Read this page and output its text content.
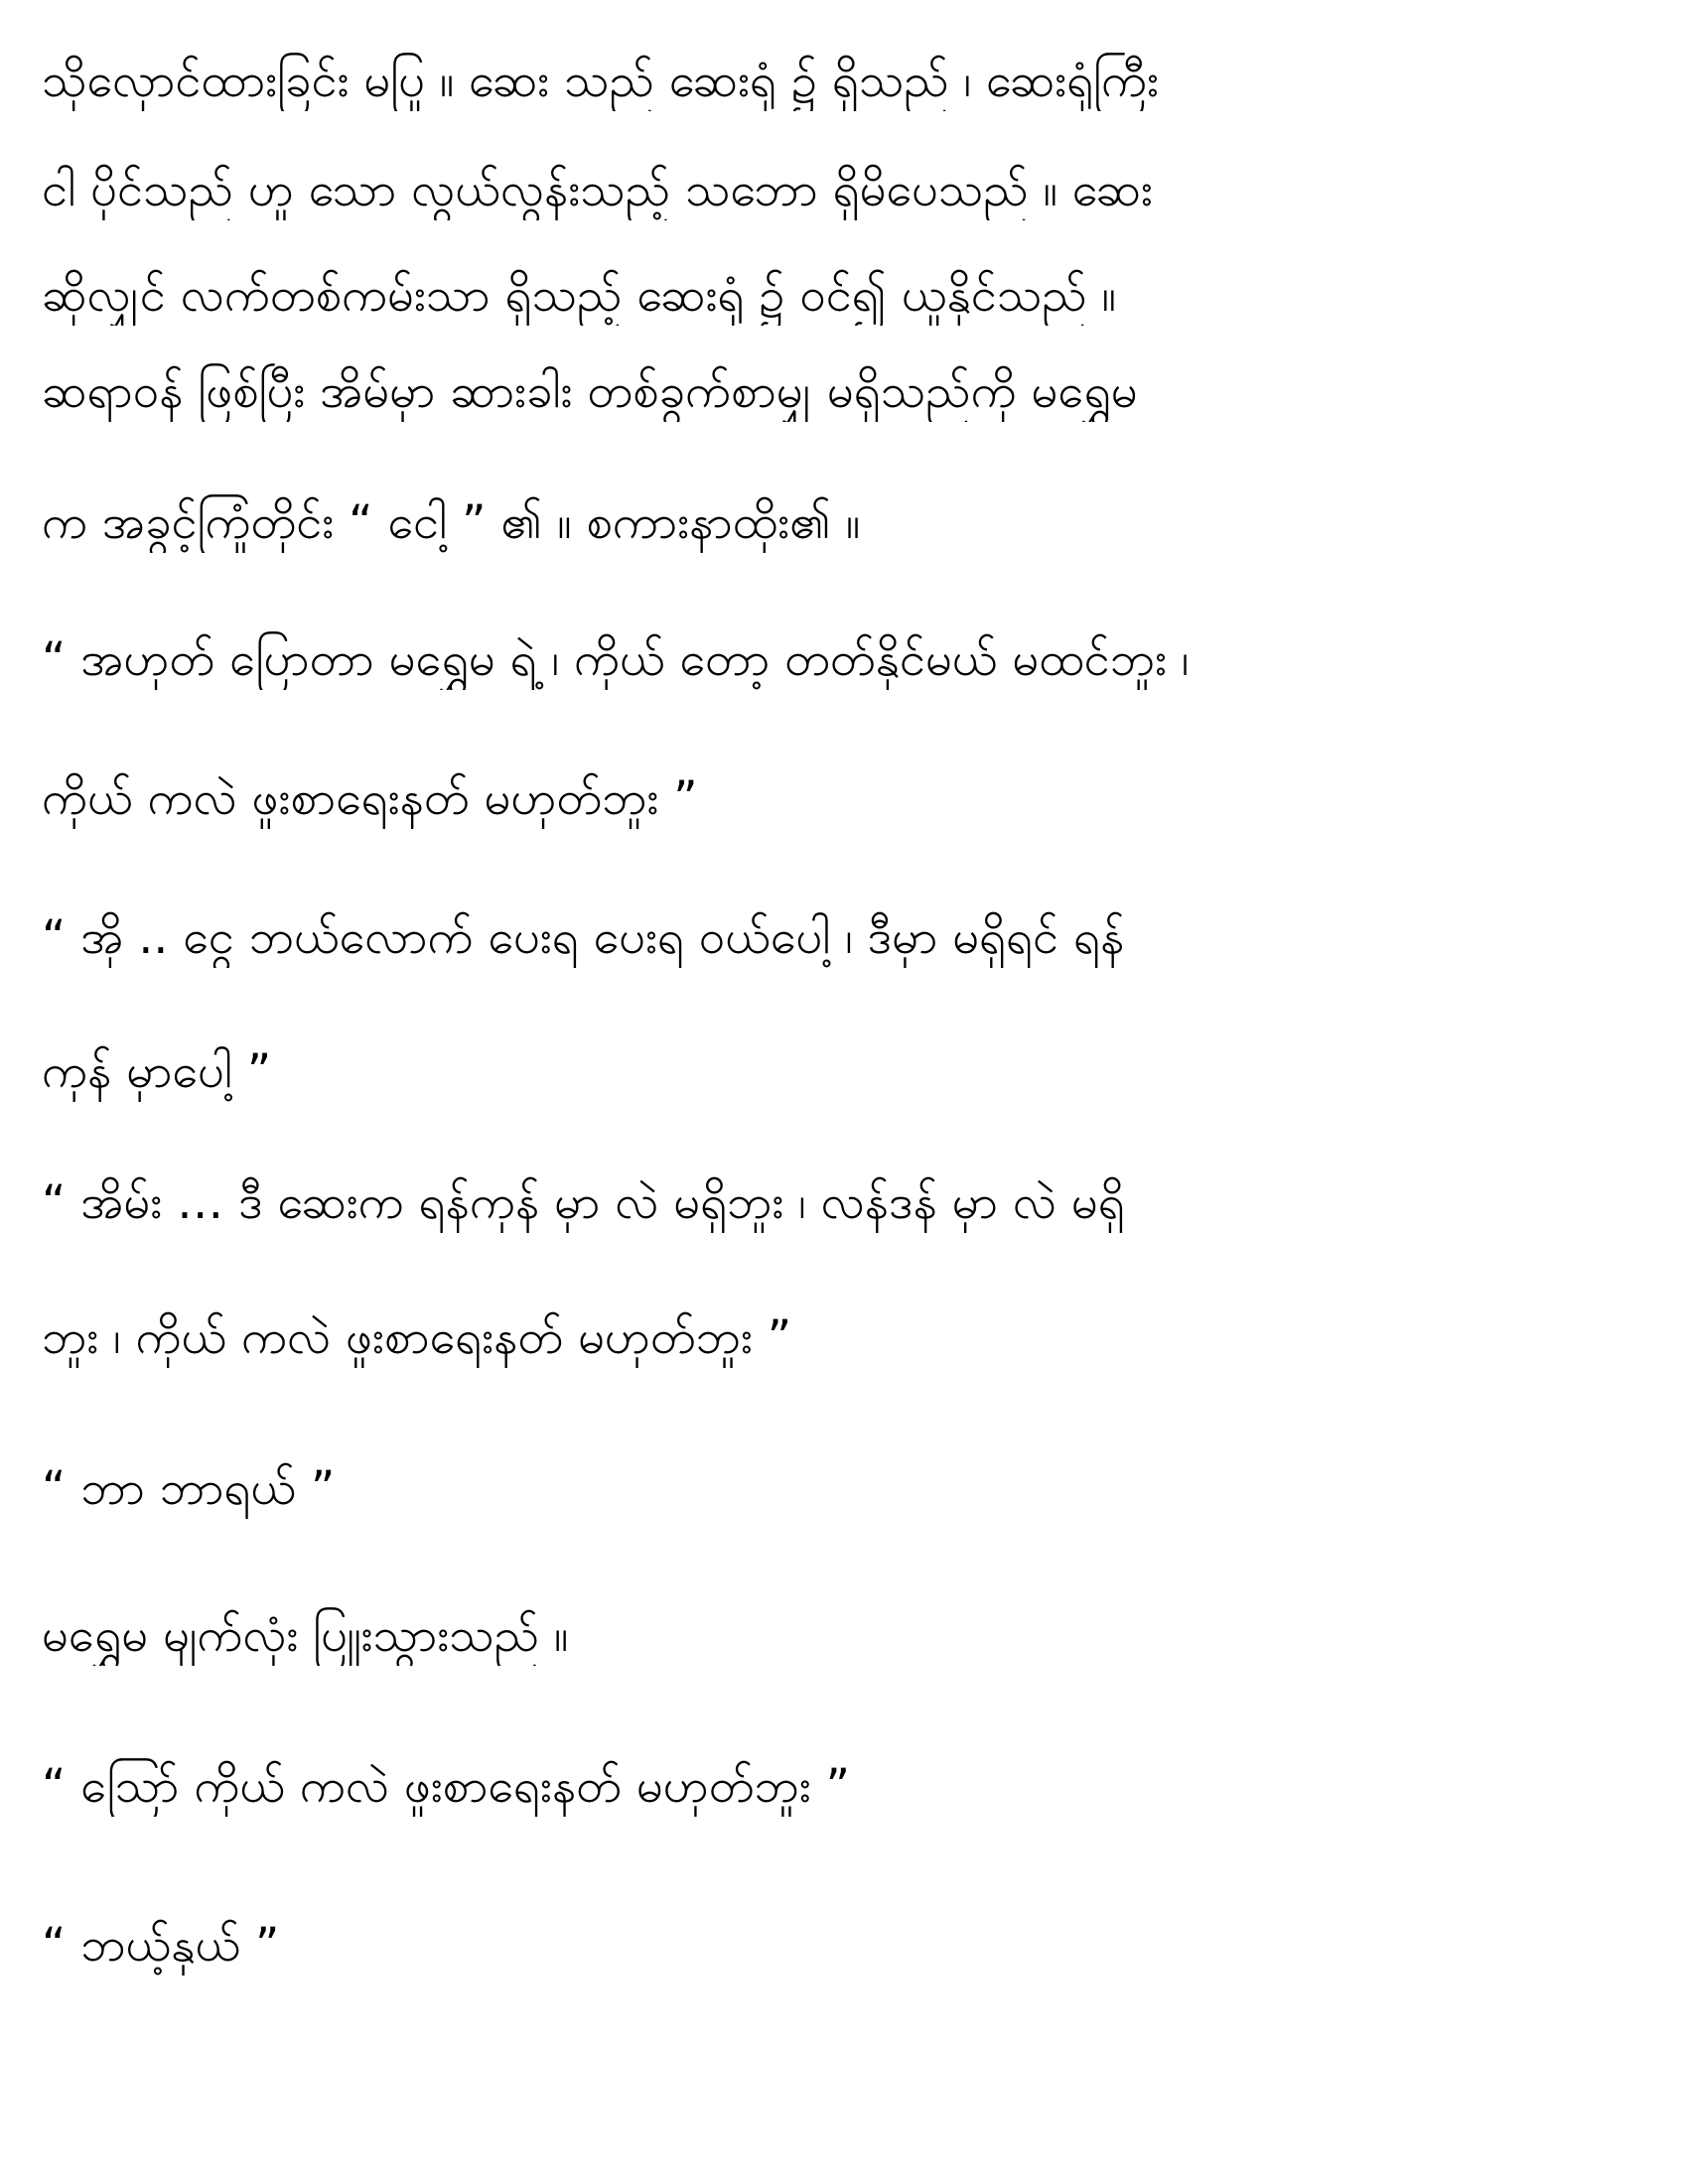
သိုလှောင်ထားခြင်း မပြု ။ ဆေး သည် ဆေးရုံ ၌ ရှိသည် ၊ ဆေးရုံကြီး
ငါ ပိုင်သည် ဟူ သော လွယ်လွန်းသည့် သဘော ရှိမိပေသည် ။ ဆေး
ဆိုလျှင် လက်တစ်ကမ်းသာ ရှိသည့် ဆေးရုံ ၌ ဝင်၍ ယူနိုင်သည် ။
ဆရာဝန် ဖြစ်ပြီး အိမ်မှာ ဆားခါး တစ်ခွက်စာမျှ မရှိသည်ကို မရွှေမ
က အခွင့်ကြုံတိုင်း “ ငေါ့ ” ၏ ။ စကားနာထိုး၏ ။
“ အဟုတ် ပြောတာ မရွှေမ ရဲ့ ၊ ကိုယ် တော့ တတ်နိုင်မယ် မထင်ဘူး ၊
ကိုယ် ကလဲ ဖူးစာရေးနတ် မဟုတ်ဘူး ”
“ အို .. ငွေ ဘယ်လောက် ပေးရ ပေးရ ဝယ်ပေါ့ ၊ ဒီမှာ မရှိရင် ရန်
ကုန် မှာပေါ့ ”
“ အိမ်း … ဒီ ဆေးက ရန်ကုန် မှာ လဲ မရှိဘူး ၊ လန်ဒန် မှာ လဲ မရှိ
ဘူး ၊ ကိုယ် ကလဲ ဖူးစာရေးနတ် မဟုတ်ဘူး ”
“ ဘာ ဘာရယ် ”
မရွှေမ မျက်လုံး ပြူးသွားသည် ။
“ သြော် ကိုယ် ကလဲ ဖူးစာရေးနတ် မဟုတ်ဘူး ”
“ ဘယ့်နှယ် ”
